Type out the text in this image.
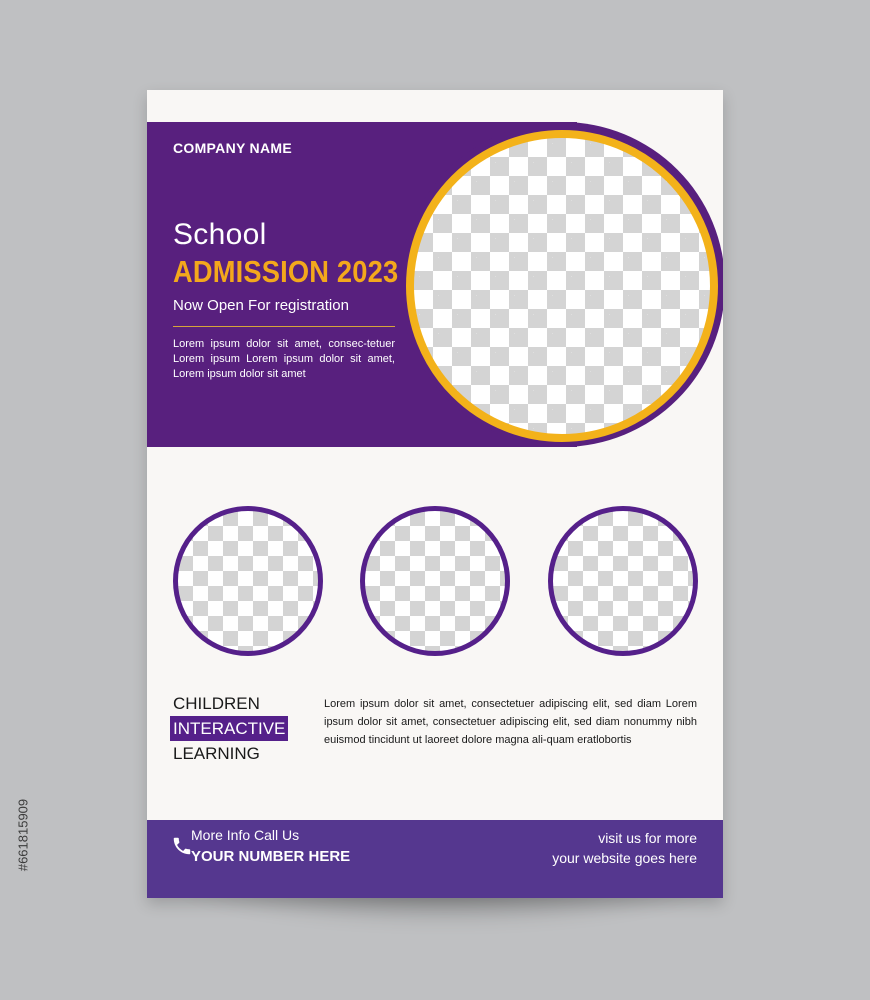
#661815909
COMPANY NAME
School
ADMISSION 2023
Now Open For registration
Lorem ipsum dolor sit amet, consec-tetuer Lorem ipsum Lorem ipsum dolor sit amet, Lorem ipsum dolor sit amet
CHILDREN
INTERACTIVE
LEARNING
Lorem ipsum dolor sit amet, consectetuer adipiscing elit, sed diam Lorem ipsum dolor sit amet, consectetuer adipiscing elit, sed diam nonummy nibh euismod tincidunt ut laoreet dolore magna ali-quam eratlobortis
More Info Call Us
YOUR NUMBER HERE
visit us for more
your website goes here
